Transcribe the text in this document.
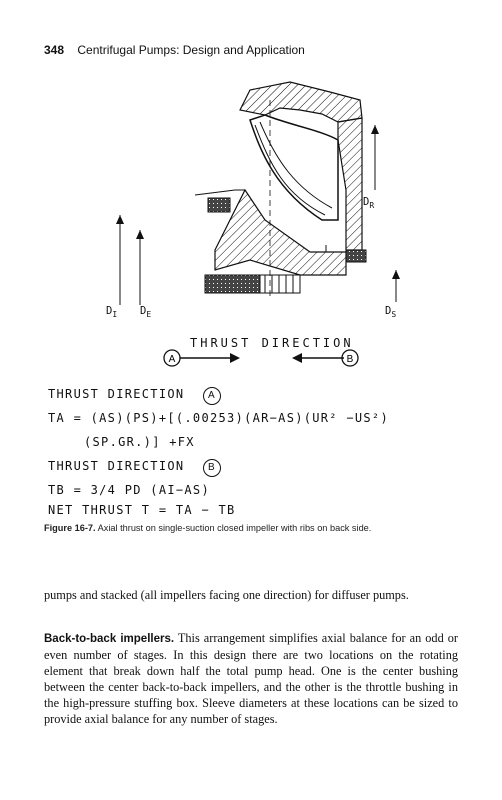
348 Centrifugal Pumps: Design and Application
$D_R$
$D_I$ $D_E$	$D_S$
THRUST DIRECTION
A	B
THRUST DIRECTION A
TA = (AS)(PS)+[(.00253)(AR−AS)(UR² −US²)
(SP.GR.)] +FX
THRUST DIRECTION B
TB = 3/4 PD (AI−AS)
NET THRUST T = TA − TB
Figure 16-7. Axial thrust on single-suction closed impeller with ribs on back side.
pumps and stacked (all impellers facing one direction) for diffuser pumps.
Back-to-back impellers. This arrangement simplifies axial balance for an odd or even number of stages. In this design there are two locations on the rotating element that break down half the total pump head. One is the center bushing between the center back-to-back impellers, and the other is the throttle bushing in the high-pressure stuffing box. Sleeve diameters at these locations can be sized to provide axial balance for any number of stages.
